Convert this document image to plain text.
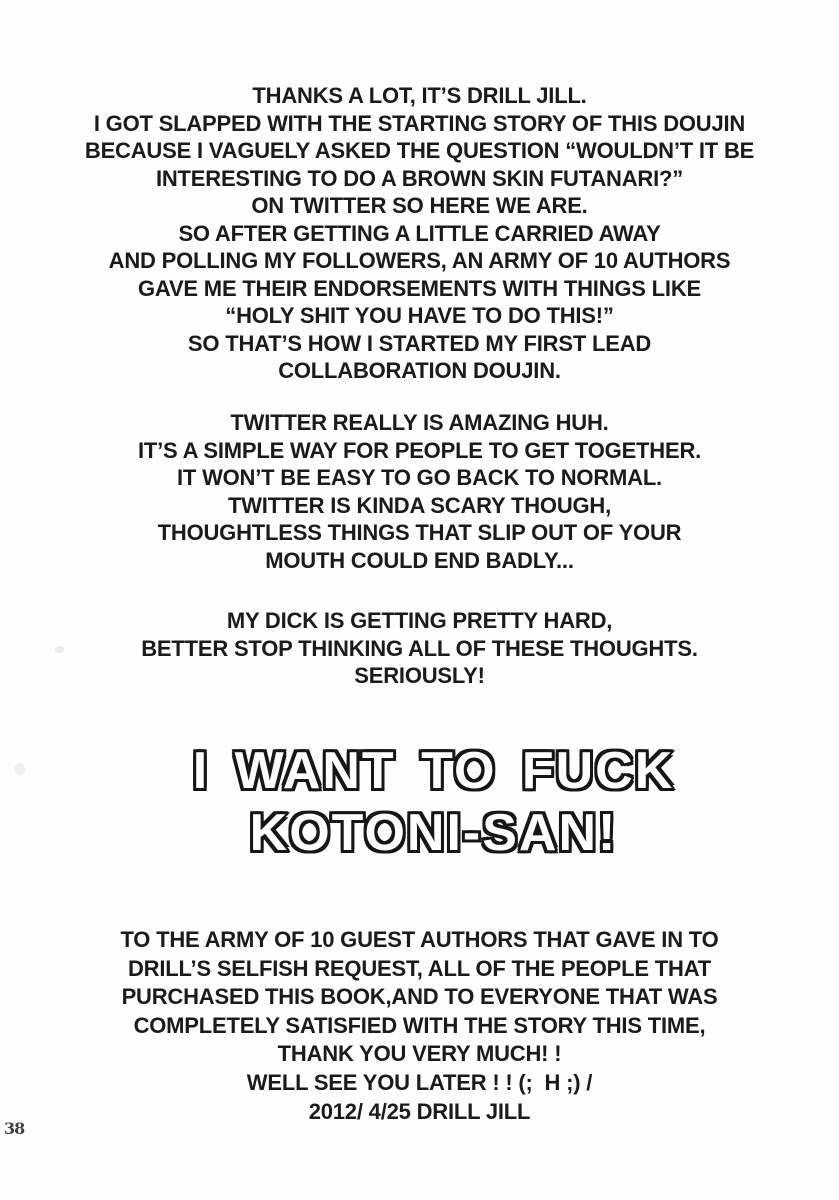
THANKS A LOT, IT’S DRILL JILL.
I GOT SLAPPED WITH THE STARTING STORY OF THIS DOUJIN
BECAUSE I VAGUELY ASKED THE QUESTION “WOULDN’T IT BE
INTERESTING TO DO A BROWN SKIN FUTANARI?”
ON TWITTER SO HERE WE ARE.
SO AFTER GETTING A LITTLE CARRIED AWAY
AND POLLING MY FOLLOWERS, AN ARMY OF 10 AUTHORS
GAVE ME THEIR ENDORSEMENTS WITH THINGS LIKE
“HOLY SHIT YOU HAVE TO DO THIS!”
SO THAT’S HOW I STARTED MY FIRST LEAD
COLLABORATION DOUJIN.
TWITTER REALLY IS AMAZING HUH.
IT’S A SIMPLE WAY FOR PEOPLE TO GET TOGETHER.
IT WON’T BE EASY TO GO BACK TO NORMAL.
TWITTER IS KINDA SCARY THOUGH,
THOUGHTLESS THINGS THAT SLIP OUT OF YOUR
MOUTH COULD END BADLY...
MY DICK IS GETTING PRETTY HARD,
BETTER STOP THINKING ALL OF THESE THOUGHTS.
SERIOUSLY!
I WANT TO FUCK
KOTONI-SAN!
TO THE ARMY OF 10 GUEST AUTHORS THAT GAVE IN TO
DRILL’S SELFISH REQUEST, ALL OF THE PEOPLE THAT
PURCHASED THIS BOOK,AND TO EVERYONE THAT WAS
COMPLETELY SATISFIED WITH THE STORY THIS TIME,
THANK YOU VERY MUCH! !
WELL SEE YOU LATER ! ! (;  H ;) /
2012/ 4/25 DRILL JILL
38
